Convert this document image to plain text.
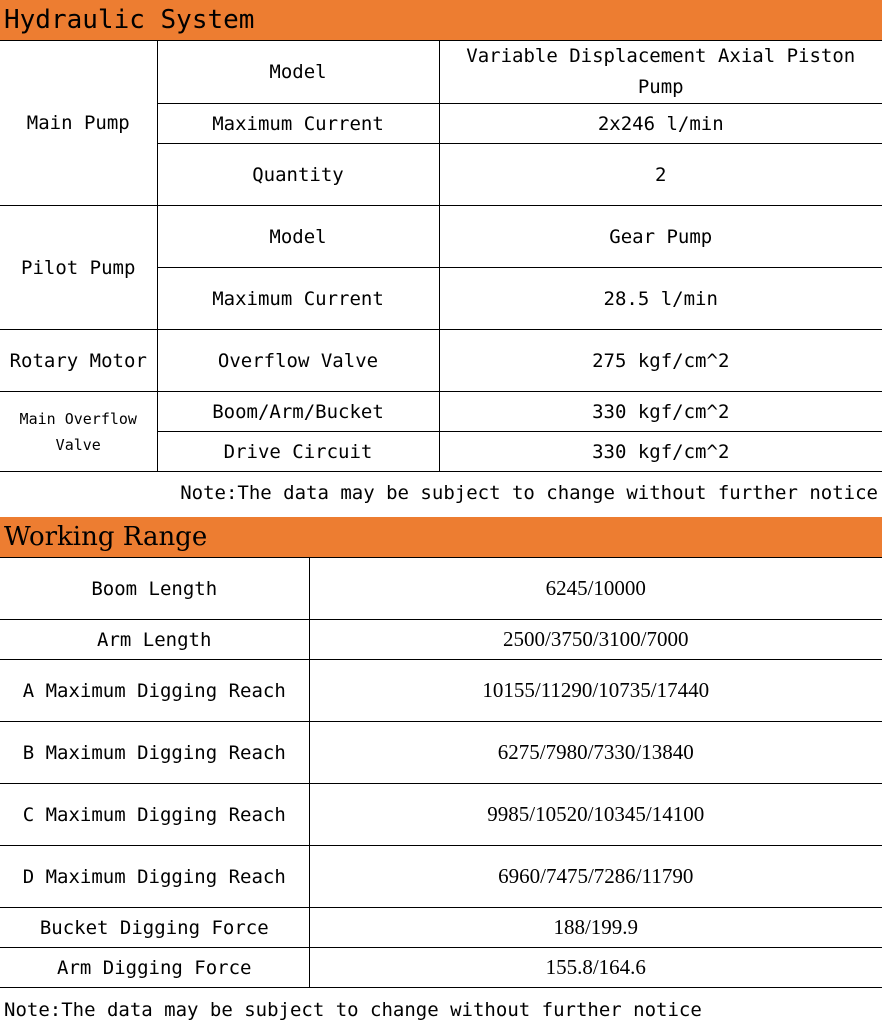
Hydraulic System
Main Pump	Model	Variable Displacement Axial Piston Pump
	Maximum Current	2x246 l/min
	Quantity	2
Pilot Pump	Model	Gear Pump
	Maximum Current	28.5 l/min
Rotary Motor	Overflow Valve	275 kgf/cm^2
Main Overflow Valve	Boom/Arm/Bucket	330 kgf/cm^2
	Drive Circuit	330 kgf/cm^2
Note:The data may be subject to change without further notice
Working Range
Boom Length	6245/10000
Arm Length	2500/3750/3100/7000
A Maximum Digging Reach	10155/11290/10735/17440
B Maximum Digging Reach	6275/7980/7330/13840
C Maximum Digging Reach	9985/10520/10345/14100
D Maximum Digging Reach	6960/7475/7286/11790
Bucket Digging Force	188/199.9
Arm Digging Force	155.8/164.6
Note:The data may be subject to change without further notice
